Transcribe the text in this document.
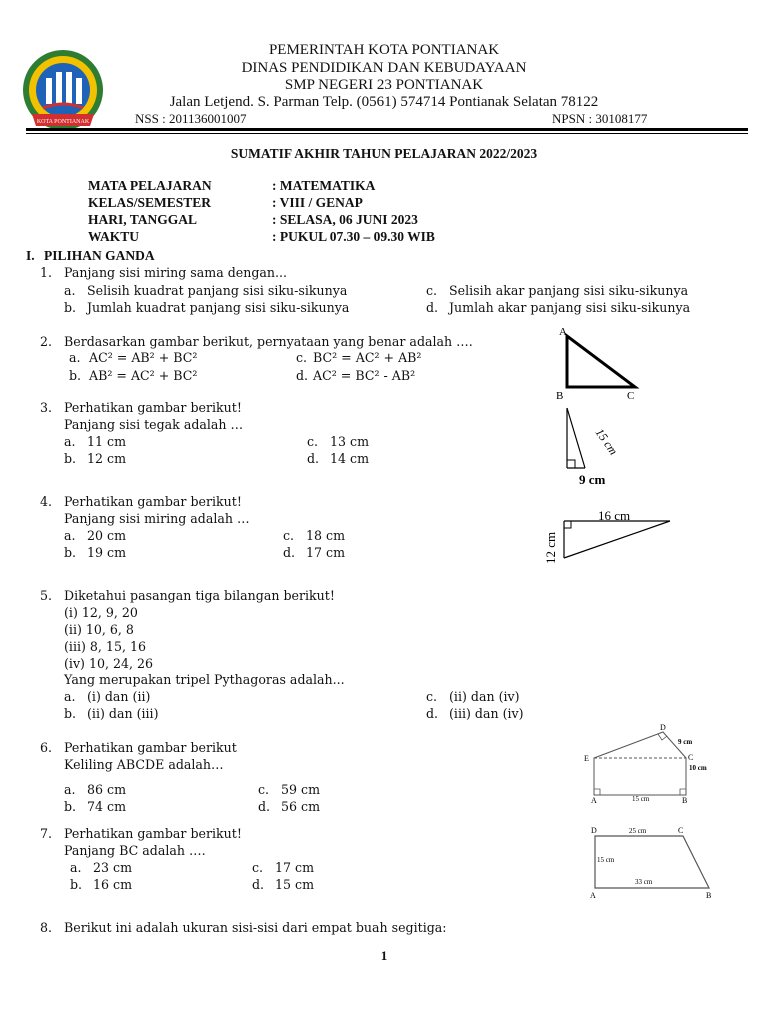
KOTA PONTIANAK
PEMERINTAH KOTA PONTIANAK
DINAS PENDIDIKAN DAN KEBUDAYAAN
SMP NEGERI 23 PONTIANAK
Jalan Letjend. S. Parman Telp. (0561) 574714 Pontianak Selatan 78122
NSS : 201136001007	NPSN : 30108177
SUMATIF AKHIR TAHUN PELAJARAN 2022/2023
MATA PELAJARAN	: MATEMATIKA
KELAS/SEMESTER	: VIII / GENAP
HARI, TANGGAL	: SELASA, 06 JUNI 2023
WAKTU	: PUKUL 07.30 – 09.30 WIB
I. PILIHAN GANDA
1. Panjang sisi miring sama dengan...
a. Selisih kuadrat panjang sisi siku-sikunya
b. Jumlah kuadrat panjang sisi siku-sikunya
c. Selisih akar panjang sisi siku-sikunya
d. Jumlah akar panjang sisi siku-sikunya
2. Berdasarkan gambar berikut, pernyataan yang benar adalah ….
a. AC² = AB² + BC²
b. AB² = AC² + BC²
c. BC² = AC² + AB²
d. AC² = BC² - AB²
A
B	C
3. Perhatikan gambar berikut!
Panjang sisi tegak adalah …
a. 11 cm
b. 12 cm
c. 13 cm
d. 14 cm
15 cm
9 cm
4. Perhatikan gambar berikut!
Panjang sisi miring adalah …
a. 20 cm
b. 19 cm
c. 18 cm
d. 17 cm
16 cm
12 cm
5. Diketahui pasangan tiga bilangan berikut!
(i) 12, 9, 20
(ii) 10, 6, 8
(iii) 8, 15, 16
(iv) 10, 24, 26
Yang merupakan tripel Pythagoras adalah...
a. (i) dan (ii)
b. (ii) dan (iii)
c. (ii) dan (iv)
d. (iii) dan (iv)
6. Perhatikan gambar berikut
Keliling ABCDE adalah…
a. 86 cm
b. 74 cm
c. 59 cm
d. 56 cm
D
E	C
A	B
9 cm
10 cm
15 cm
7. Perhatikan gambar berikut!
Panjang BC adalah ….
a. 23 cm
b. 16 cm
c. 17 cm
d. 15 cm
D	C
A	B
25 cm
15 cm
33 cm
8. Berikut ini adalah ukuran sisi-sisi dari empat buah segitiga:
1
